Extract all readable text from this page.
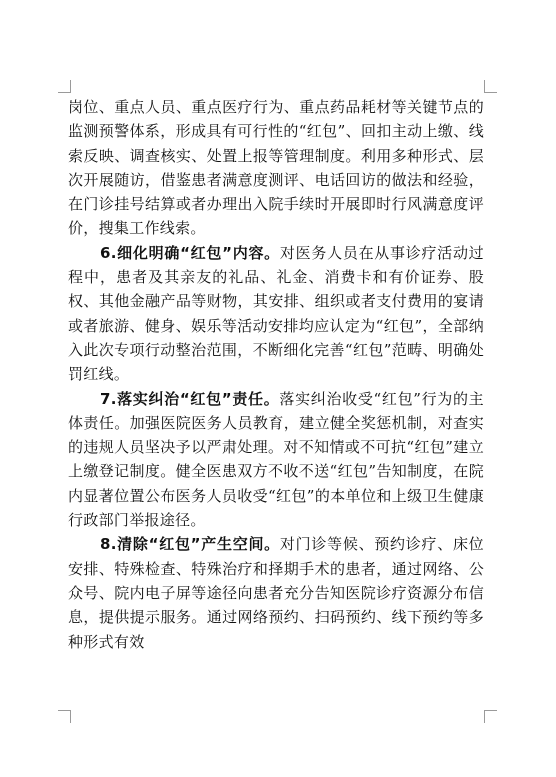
岗位、重点人员、重点医疗行为、重点药品耗材等关键节点的监测预警体系，形成具有可行性的“红包”、回扣主动上缴、线索反映、调查核实、处置上报等管理制度。利用多种形式、层次开展随访，借鉴患者满意度测评、电话回访的做法和经验，在门诊挂号结算或者办理出入院手续时开展即时行风满意度评价，搜集工作线索。

6.细化明确“红包”内容。对医务人员在从事诊疗活动过程中，患者及其亲友的礼品、礼金、消费卡和有价证券、股权、其他金融产品等财物，其安排、组织或者支付费用的宴请或者旅游、健身、娱乐等活动安排均应认定为“红包”，全部纳入此次专项行动整治范围，不断细化完善“红包”范畴、明确处罚红线。

7.落实纠治“红包”责任。落实纠治收受“红包”行为的主体责任。加强医院医务人员教育，建立健全奖惩机制，对查实的违规人员坚决予以严肃处理。对不知情或不可抗“红包”建立上缴登记制度。健全医患双方不收不送“红包”告知制度，在院内显著位置公布医务人员收受“红包”的本单位和上级卫生健康行政部门举报途径。

8.清除“红包”产生空间。对门诊等候、预约诊疗、床位安排、特殊检查、特殊治疗和择期手术的患者，通过网络、公众号、院内电子屏等途径向患者充分告知医院诊疗资源分布信息，提供提示服务。通过网络预约、扫码预约、线下预约等多种形式有效
